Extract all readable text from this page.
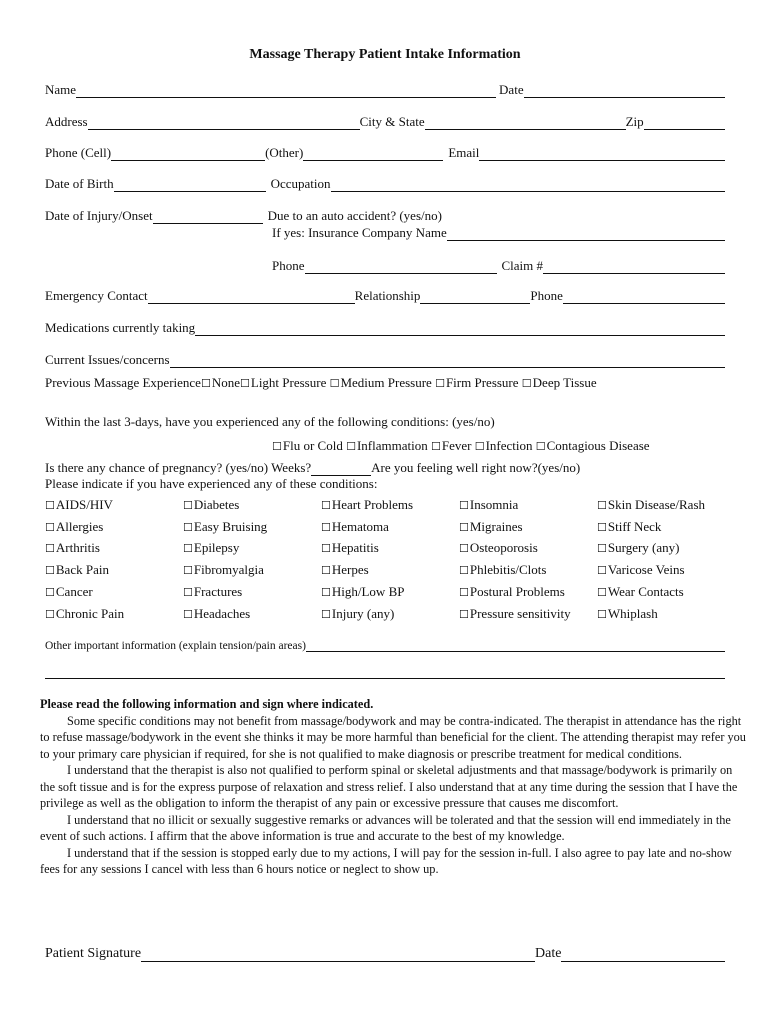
Massage Therapy Patient Intake Information
Name	Date
Address	City & State	Zip
Phone (Cell)	(Other)	Email
Date of Birth	Occupation
Date of Injury/Onset	Due to an auto accident? (yes/no)
If yes: Insurance Company Name
Phone	Claim #
Emergency Contact	Relationship	Phone
Medications currently taking
Current Issues/concerns
Previous Massage Experience ☐ None ☐ Light Pressure ☐ Medium Pressure ☐ Firm Pressure ☐ Deep Tissue
Within the last 3-days, have you experienced any of the following conditions: (yes/no)
☐ Flu or Cold ☐ Inflammation ☐ Fever ☐ Infection ☐ Contagious Disease
Is there any chance of pregnancy? (yes/no) Weeks?	Are you feeling well right now?(yes/no)
Please indicate if you have experienced any of these conditions:
☐ AIDS/HIV	☐ Diabetes	☐ Heart Problems	☐ Insomnia	☐ Skin Disease/Rash
☐ Allergies	☐ Easy Bruising	☐ Hematoma	☐ Migraines	☐ Stiff Neck
☐ Arthritis	☐ Epilepsy	☐ Hepatitis	☐ Osteoporosis	☐ Surgery (any)
☐ Back Pain	☐ Fibromyalgia	☐ Herpes	☐ Phlebitis/Clots	☐ Varicose Veins
☐ Cancer	☐ Fractures	☐ High/Low BP	☐ Postural Problems	☐ Wear Contacts
☐ Chronic Pain	☐ Headaches	☐ Injury (any)	☐ Pressure sensitivity	☐ Whiplash
Other important information (explain tension/pain areas)

Please read the following information and sign where indicated.

Some specific conditions may not benefit from massage/bodywork and may be contra-indicated. The therapist in attendance has the right to refuse massage/bodywork in the event she thinks it may be more harmful than beneficial for the client. The attending therapist may refer you to your primary care physician if required, for she is not qualified to make diagnosis or prescribe treatment for medical conditions.

I understand that the therapist is also not qualified to perform spinal or skeletal adjustments and that massage/bodywork is primarily on the soft tissue and is for the express purpose of relaxation and stress relief. I also understand that at any time during the session that I have the privilege as well as the obligation to inform the therapist of any pain or excessive pressure that causes me discomfort.

I understand that no illicit or sexually suggestive remarks or advances will be tolerated and that the session will end immediately in the event of such actions. I affirm that the above information is true and accurate to the best of my knowledge.

I understand that if the session is stopped early due to my actions, I will pay for the session in-full. I also agree to pay late and no-show fees for any sessions I cancel with less than 6 hours notice or neglect to show up.

Patient Signature	Date
